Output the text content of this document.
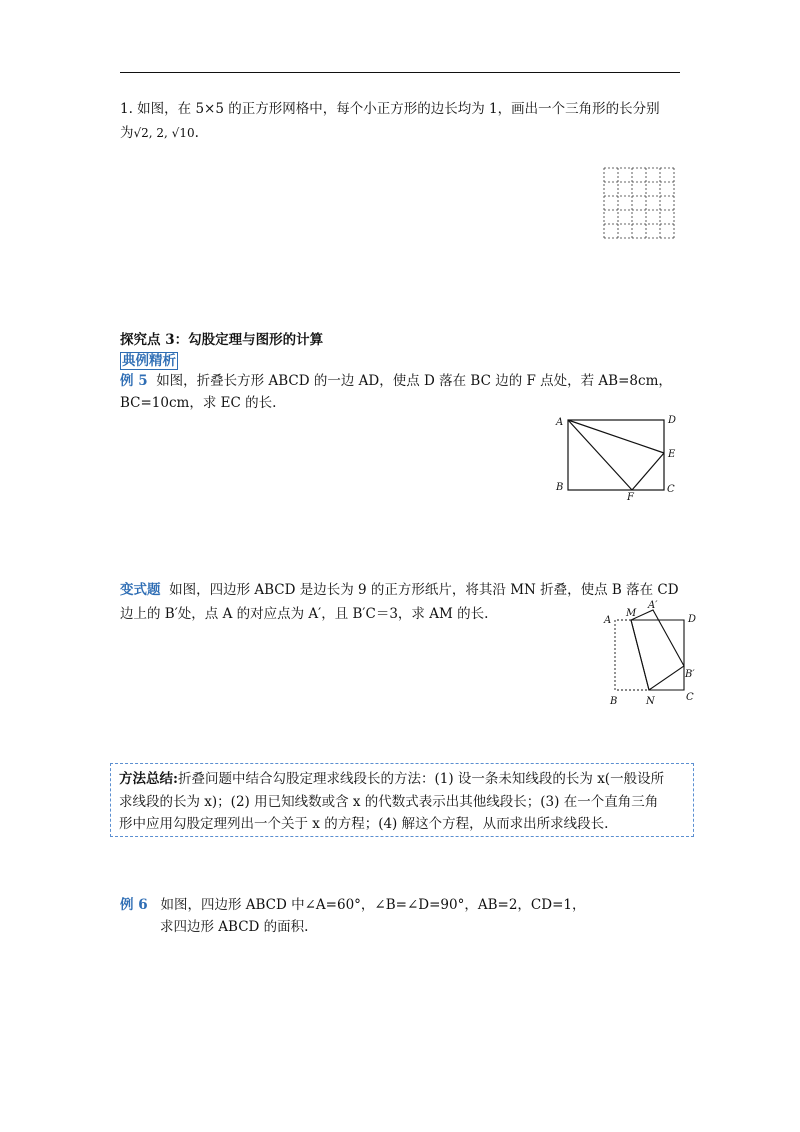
1. 如图，在 5×5 的正方形网格中，每个小正方形的边长均为 1，画出一个三角形的长分别
为√2, 2, √10.
探究点 3：勾股定理与图形的计算
典例精析
例 5 如图，折叠长方形 ABCD 的一边 AD，使点 D 落在 BC 边的 F 点处，若 AB=8cm，
BC=10cm，求 EC 的长.
A	D
E
B	C
F
变式题 如图，四边形 ABCD 是边长为 9 的正方形纸片，将其沿 MN 折叠，使点 B 落在 CD
边上的 B′处，点 A 的对应点为 A′，且 B′C＝3，求 AM 的长.	A
M
A′
D
B′
C
B	N
方法总结:折叠问题中结合勾股定理求线段长的方法：(1) 设一条未知线段的长为 x(一般设所
求线段的长为 x)；(2) 用已知线数或含 x 的代数式表示出其他线段长；(3) 在一个直角三角
形中应用勾股定理列出一个关于 x 的方程；(4) 解这个方程，从而求出所求线段长.
例 6 如图，四边形 ABCD 中∠A=60°，∠B=∠D=90°，AB=2，CD=1，
求四边形 ABCD 的面积.
